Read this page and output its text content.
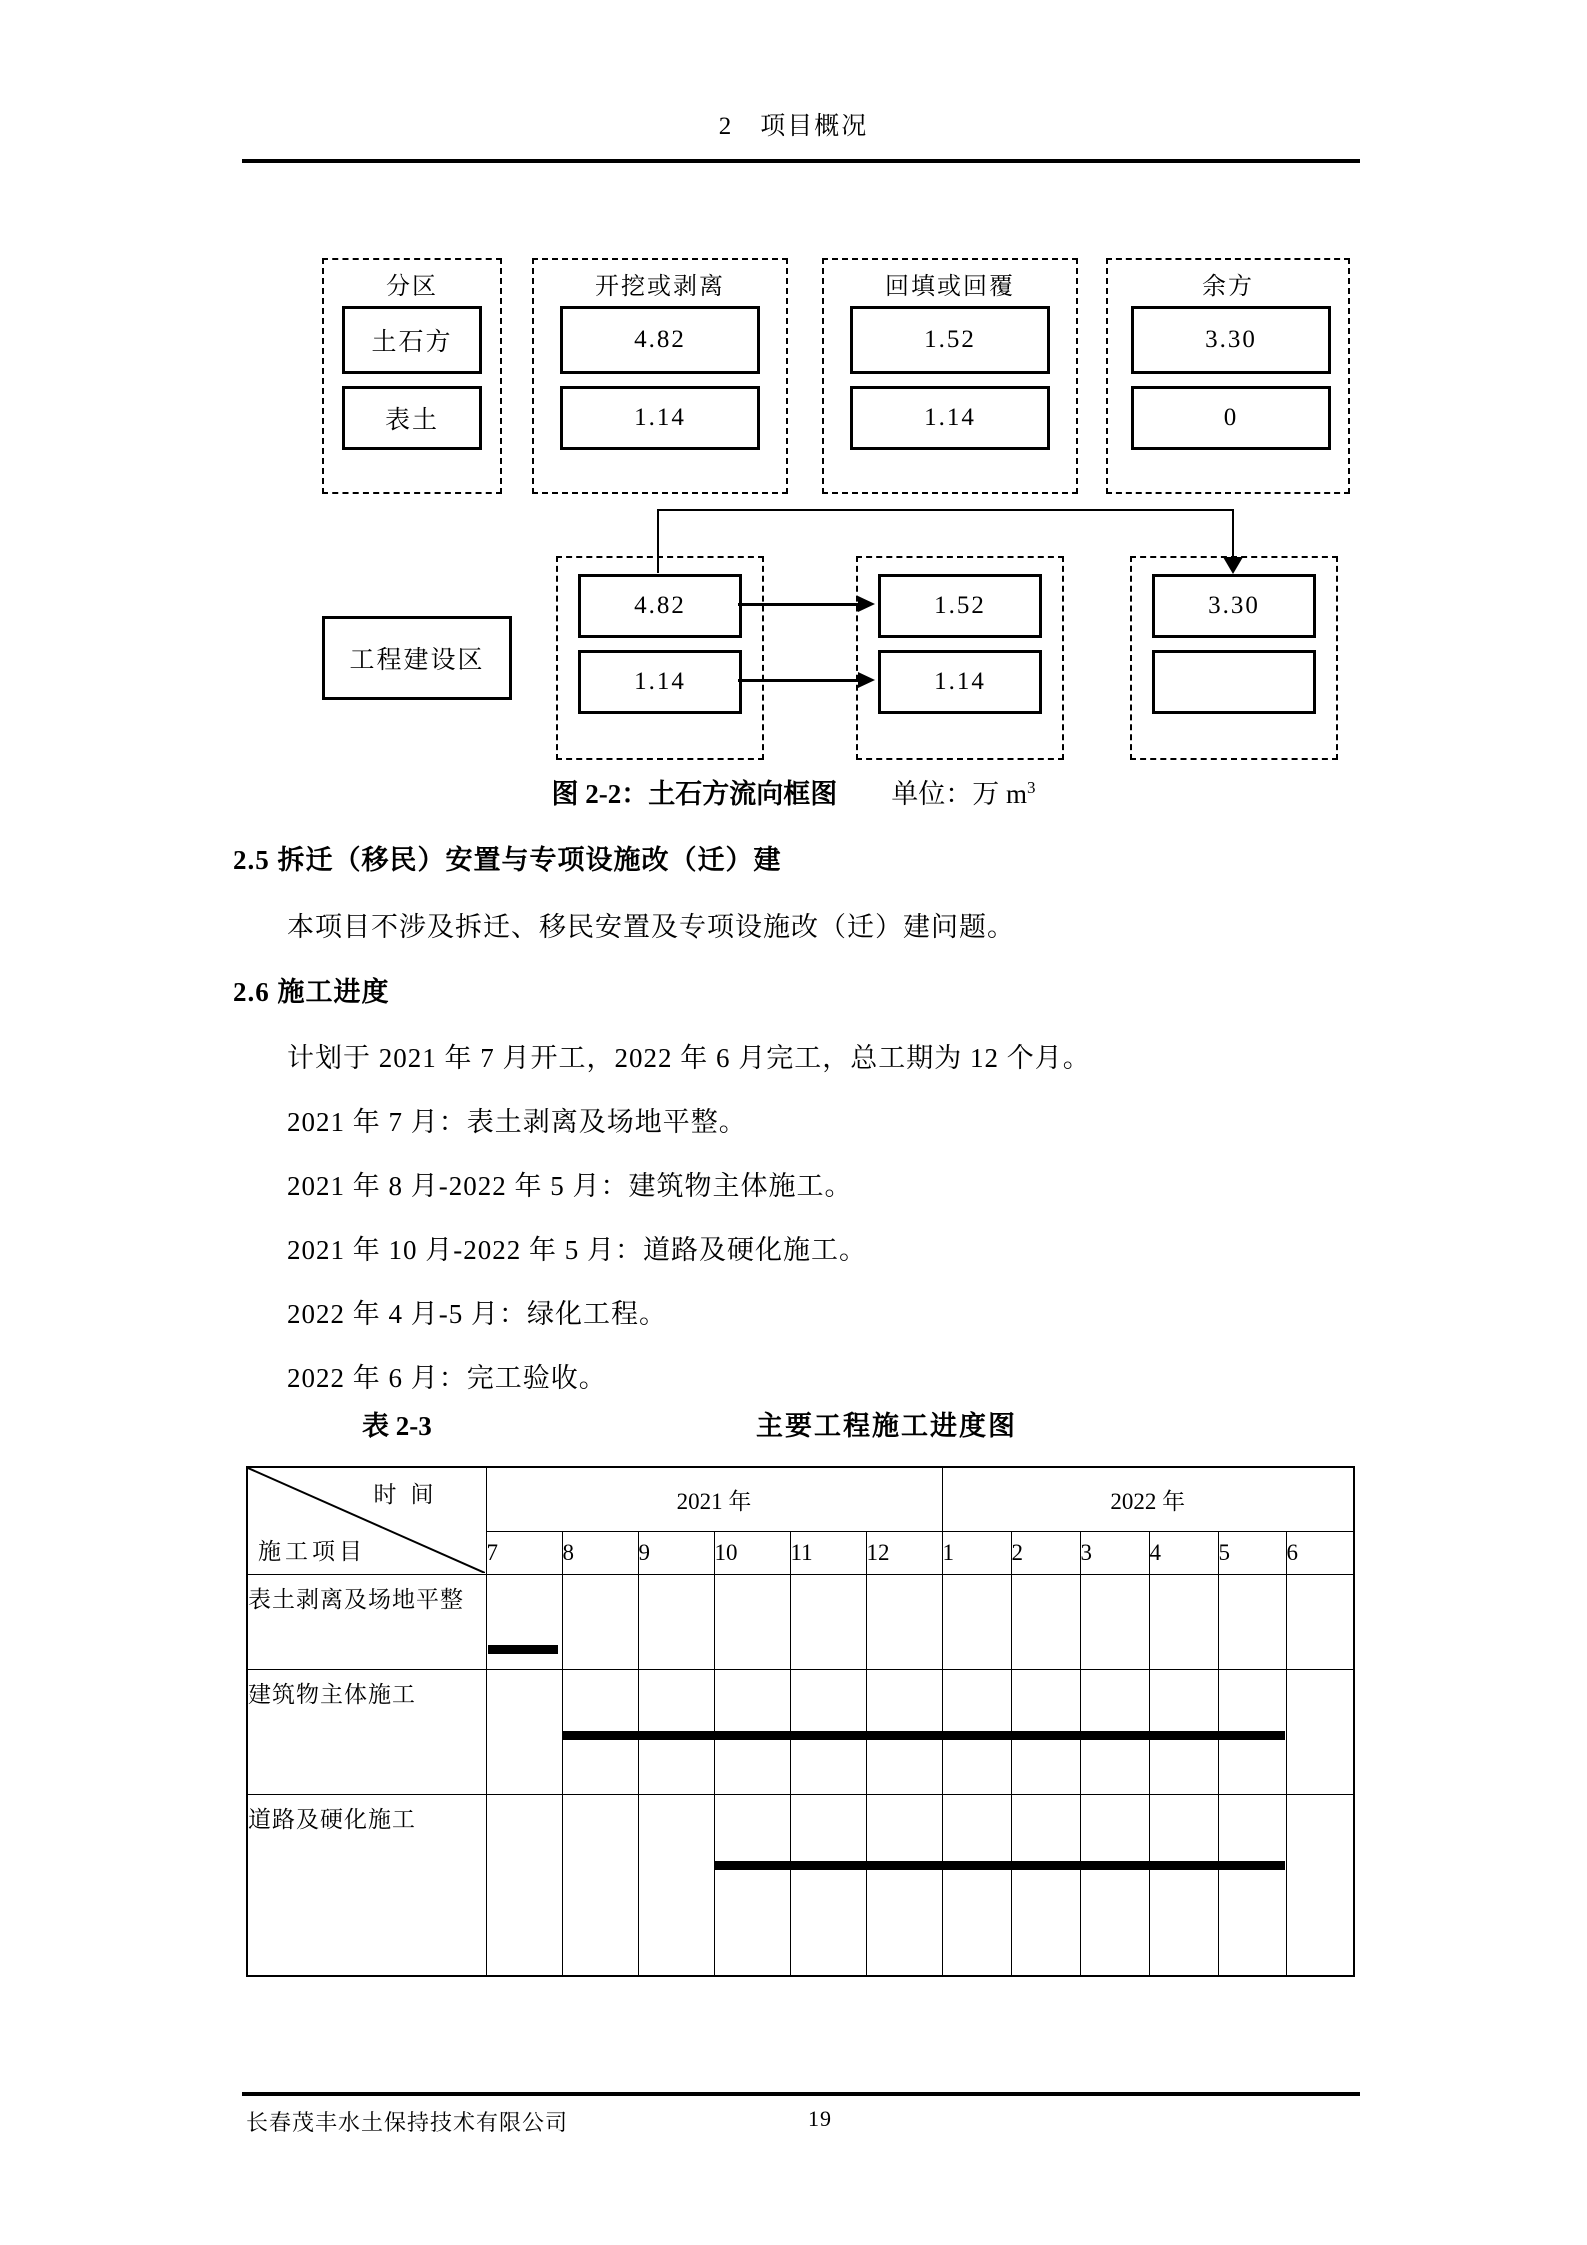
2　项目概况
分区
土石方
表土
开挖或剥离
4.82
1.14
回填或回覆
1.52
1.14
余方
3.30
0
工程建设区
4.82
1.14
1.52
1.14
3.30
图 2-2：土石方流向框图 单位：万 $m^3$
2.5 拆迁（移民）安置与专项设施改（迁）建
本项目不涉及拆迁、移民安置及专项设施改（迁）建问题。
2.6 施工进度
计划于 2021 年 7 月开工，2022 年 6 月完工，总工期为 12 个月。
2021 年 7 月：表土剥离及场地平整。
2021 年 8 月-2022 年 5 月：建筑物主体施工。
2021 年 10 月-2022 年 5 月：道路及硬化施工。
2022 年 4 月-5 月：绿化工程。
2022 年 6 月：完工验收。
表 2-3	主要工程施工进度图
时间
施工项目	2021 年						2022 年					
	7	8	9	10	11	12	1	2	3	4	5	6
表土剥离及场地平整												
建筑物主体施工												
道路及硬化施工												
长春茂丰水土保持技术有限公司	19
